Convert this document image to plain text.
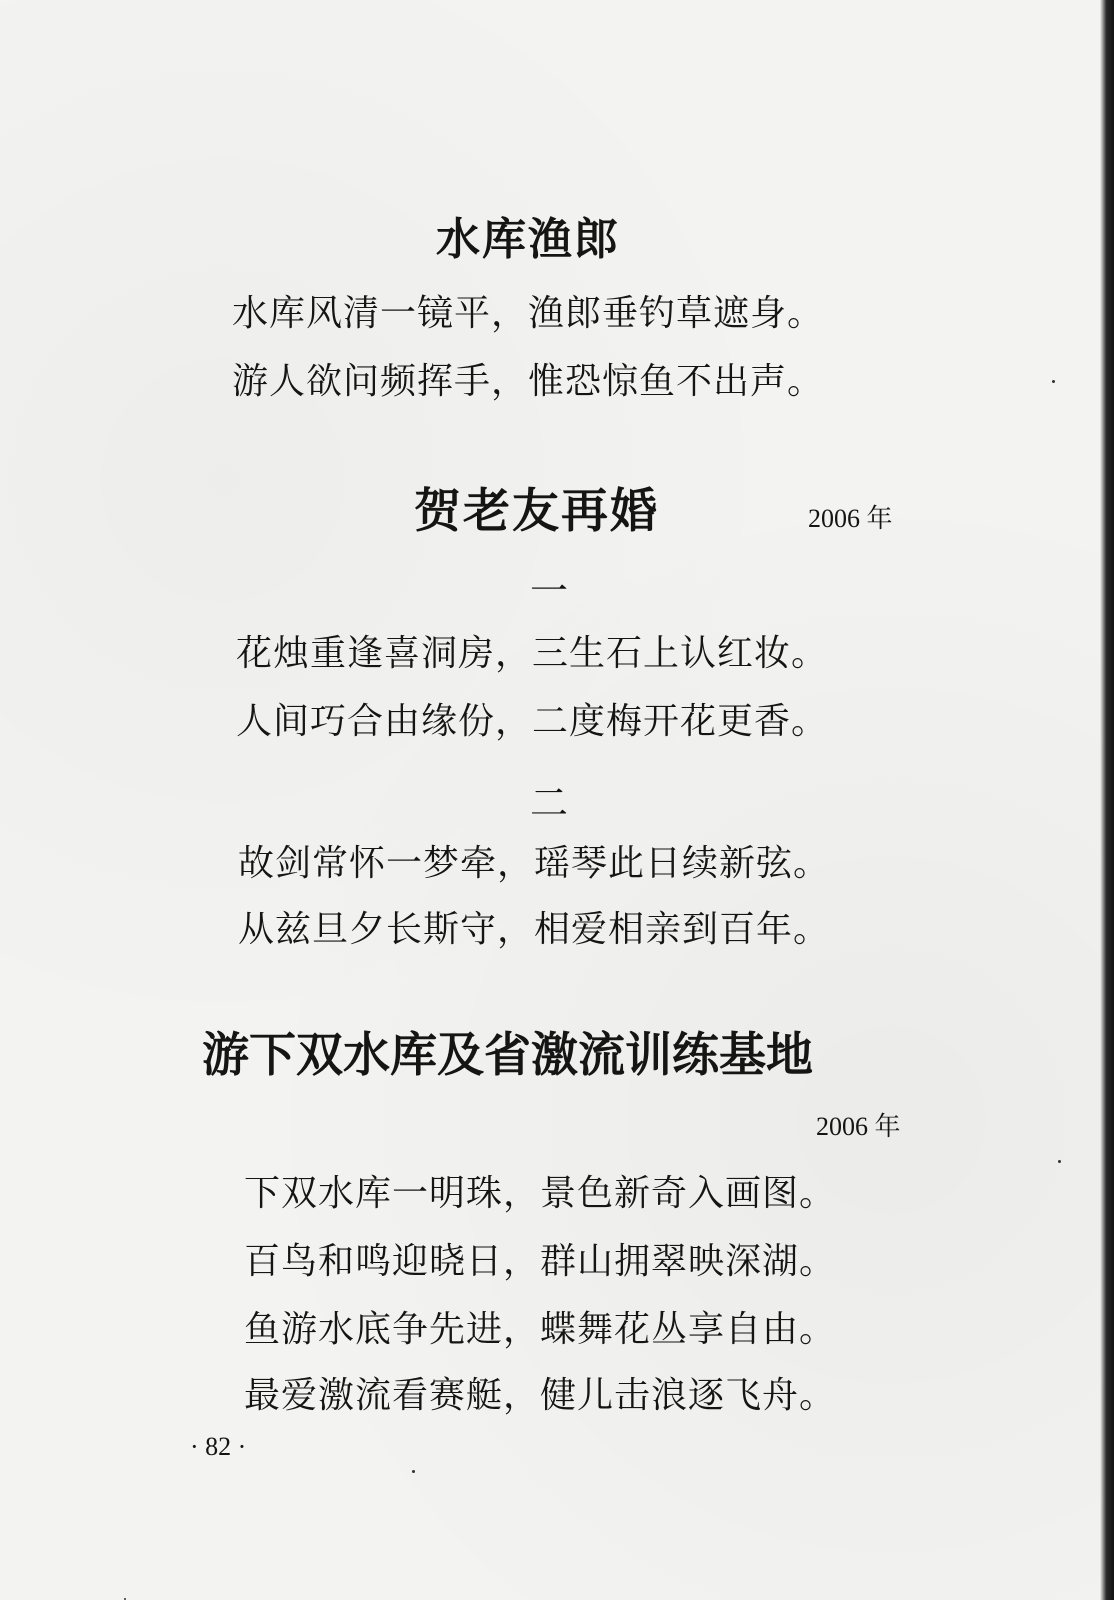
水库渔郎
水库风清一镜平，渔郎垂钓草遮身。
游人欲问频挥手，惟恐惊鱼不出声。
贺老友再婚	2006 年
一
花烛重逢喜洞房，三生石上认红妆。
人间巧合由缘份，二度梅开花更香。
二
故剑常怀一梦牵，瑶琴此日续新弦。
从兹旦夕长斯守，相爱相亲到百年。
游下双水库及省激流训练基地
2006 年
下双水库一明珠，景色新奇入画图。
百鸟和鸣迎晓日，群山拥翠映深湖。
鱼游水底争先进，蝶舞花丛享自由。
最爱激流看赛艇，健儿击浪逐飞舟。
· 82 ·
